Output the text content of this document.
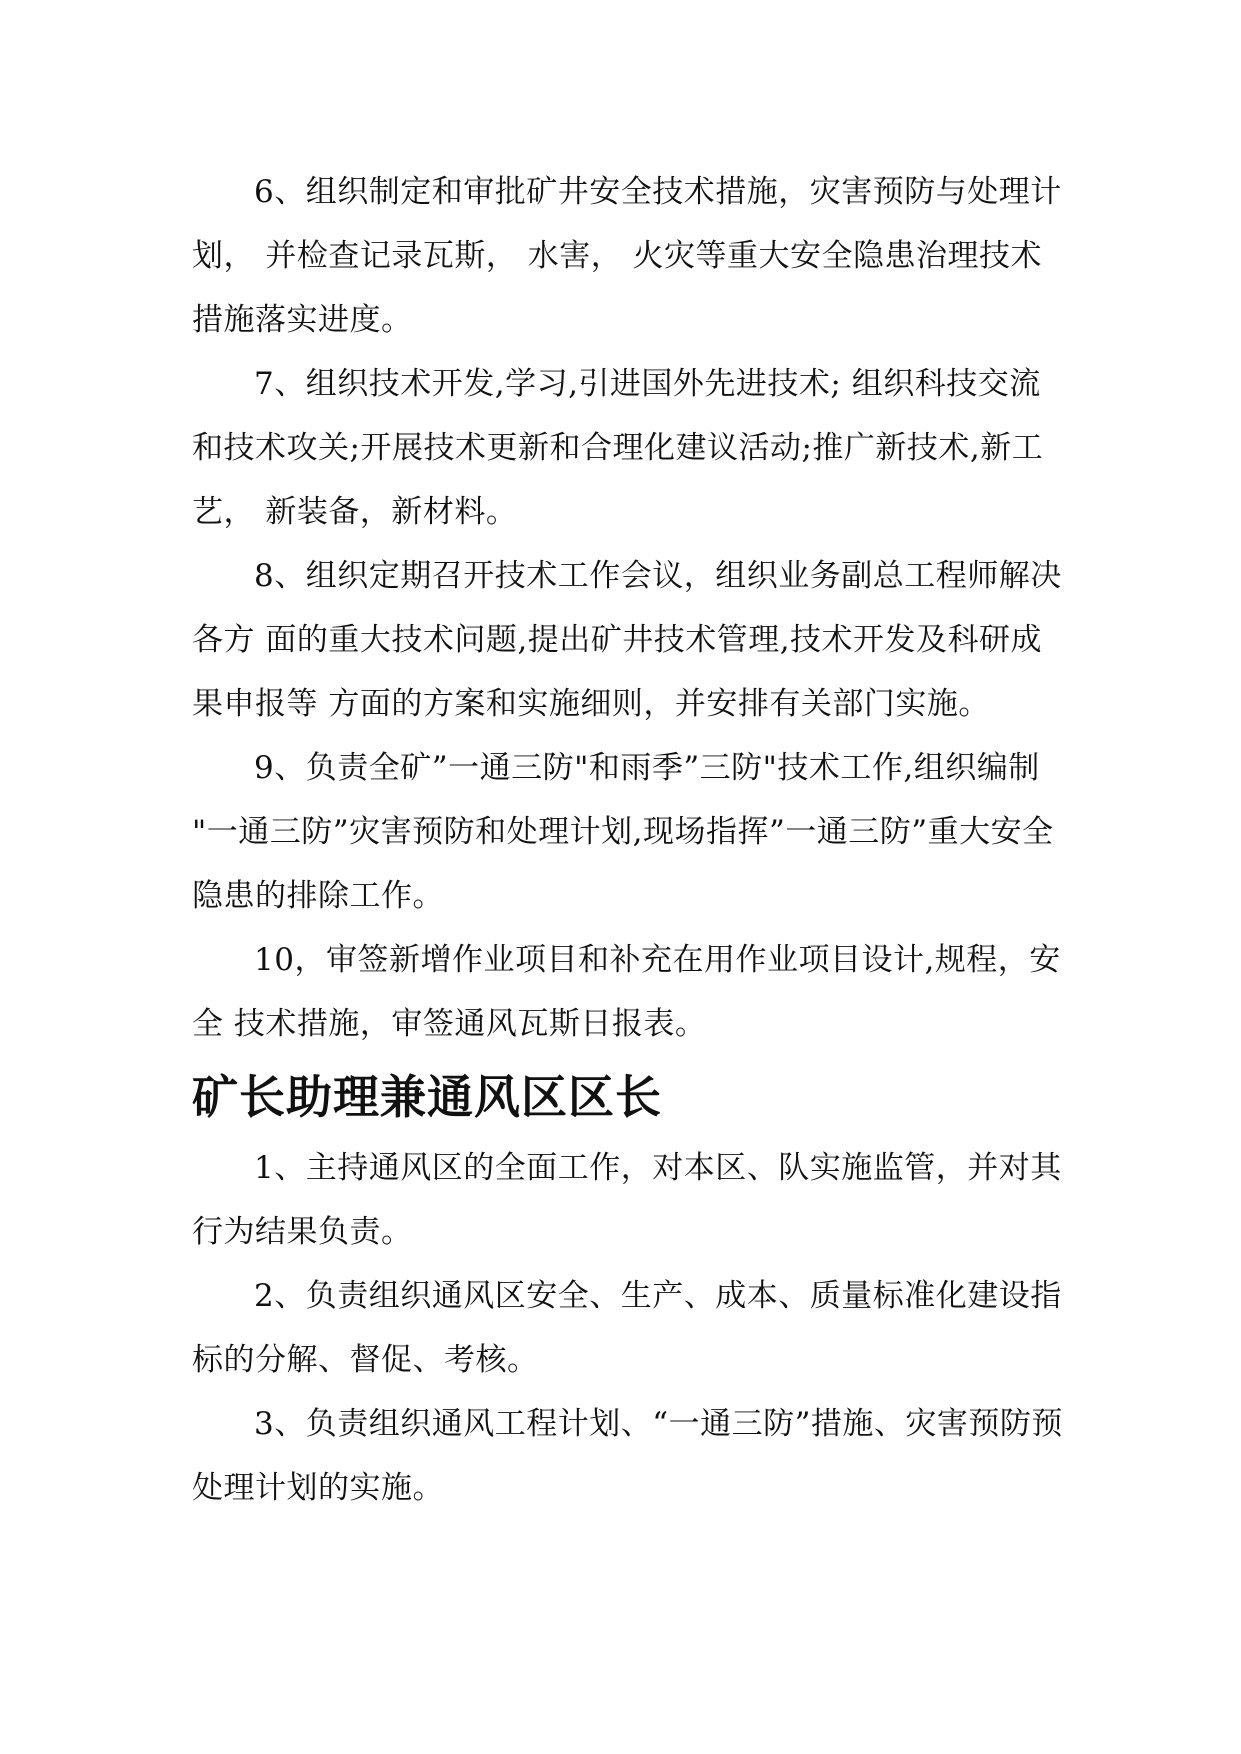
6、组织制定和审批矿井安全技术措施，灾害预防与处理计划， 并检查记录瓦斯， 水害， 火灾等重大安全隐患治理技术措施落实进度。

7、组织技术开发,学习,引进国外先进技术; 组织科技交流和技术攻关;开展技术更新和合理化建议活动;推广新技术,新工艺， 新装备，新材料。

8、组织定期召开技术工作会议，组织业务副总工程师解决各方 面的重大技术问题,提出矿井技术管理,技术开发及科研成果申报等 方面的方案和实施细则，并安排有关部门实施。

9、负责全矿”一通三防"和雨季”三防"技术工作,组织编制 "一通三防”灾害预防和处理计划,现场指挥”一通三防”重大安全 隐患的排除工作。

10，审签新增作业项目和补充在用作业项目设计,规程，安全 技术措施，审签通风瓦斯日报表。

矿长助理兼通风区区长

1、主持通风区的全面工作，对本区、队实施监管，并对其行为结果负责。

2、负责组织通风区安全、生产、成本、质量标准化建设指标的分解、督促、考核。

3、负责组织通风工程计划、“一通三防”措施、灾害预防预处理计划的实施。
